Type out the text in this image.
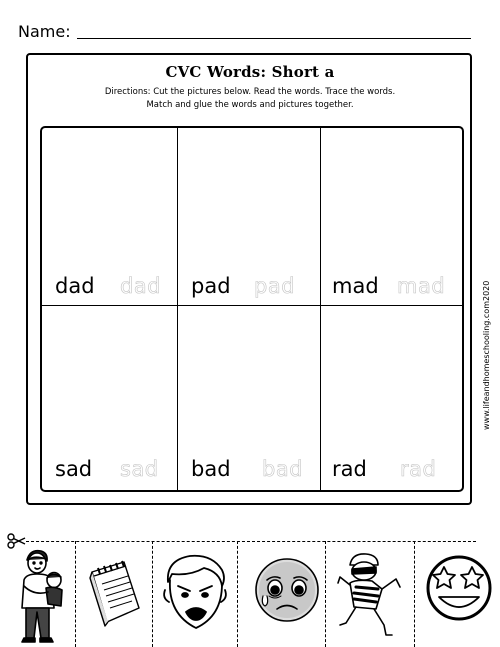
Name:
CVC Words: Short a
Directions: Cut the pictures below. Read the words. Trace the words. Match and glue the words and pictures together.
dad dad pad pad mad mad
sad sad bad bad rad rad
www.lifeandhomeschooling.com2020
